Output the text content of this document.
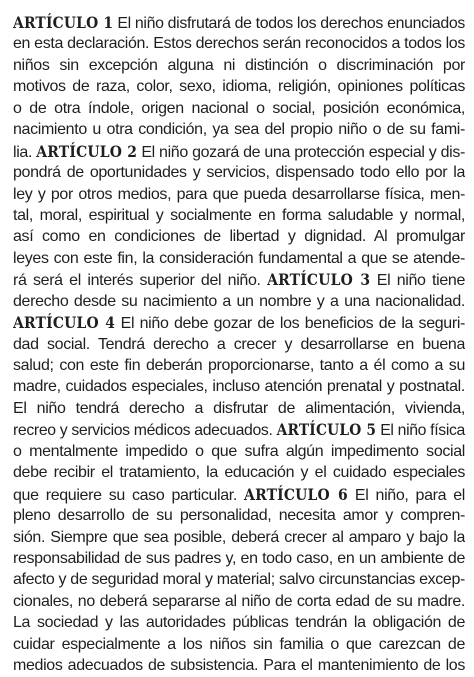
ARTÍCULO 1 El niño disfrutará de todos los derechos enunciados
en esta declaración. Estos derechos serán reconocidos a todos los
niños sin excepción alguna ni distinción o discriminación por
motivos de raza, color, sexo, idioma, religión, opiniones políticas
o de otra índole, origen nacional o social, posición económica,
nacimiento u otra condición, ya sea del propio niño o de su fami-
lia. ARTÍCULO 2 El niño gozará de una protección especial y dis-
pondrá de oportunidades y servicios, dispensado todo ello por la
ley y por otros medios, para que pueda desarrollarse física, men-
tal, moral, espiritual y socialmente en forma saludable y normal,
así como en condiciones de libertad y dignidad. Al promulgar
leyes con este fin, la consideración fundamental a que se atende-
rá será el interés superior del niño. ARTÍCULO 3 El niño tiene
derecho desde su nacimiento a un nombre y a una nacionalidad.
ARTÍCULO 4 El niño debe gozar de los beneficios de la seguri-
dad social. Tendrá derecho a crecer y desarrollarse en buena
salud; con este fin deberán proporcionarse, tanto a él como a su
madre, cuidados especiales, incluso atención prenatal y postnatal.
El niño tendrá derecho a disfrutar de alimentación, vivienda,
recreo y servicios médicos adecuados. ARTÍCULO 5 El niño física
o mentalmente impedido o que sufra algún impedimento social
debe recibir el tratamiento, la educación y el cuidado especiales
que requiere su caso particular. ARTÍCULO 6 El niño, para el
pleno desarrollo de su personalidad, necesita amor y compren-
sión. Siempre que sea posible, deberá crecer al amparo y bajo la
responsabilidad de sus padres y, en todo caso, en un ambiente de
afecto y de seguridad moral y material; salvo circunstancias excep-
cionales, no deberá separarse al niño de corta edad de su madre.
La sociedad y las autoridades públicas tendrán la obligación de
cuidar especialmente a los niños sin familia o que carezcan de
medios adecuados de subsistencia. Para el mantenimiento de los
